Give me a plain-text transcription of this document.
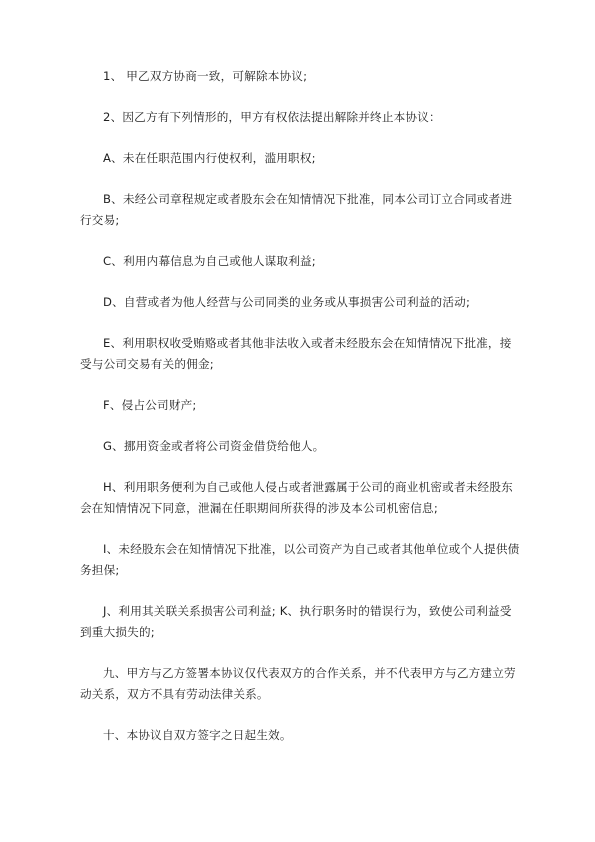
1、 甲乙双方协商一致，可解除本协议;

2、因乙方有下列情形的，甲方有权依法提出解除并终止本协议：

A、未在任职范围内行使权利，滥用职权;

B、未经公司章程规定或者股东会在知情情况下批准，同本公司订立合同或者进行交易;

C、利用内幕信息为自己或他人谋取利益;

D、自营或者为他人经营与公司同类的业务或从事损害公司利益的活动;

E、利用职权收受贿赂或者其他非法收入或者未经股东会在知情情况下批准，接受与公司交易有关的佣金;

F、侵占公司财产;

G、挪用资金或者将公司资金借贷给他人。

H、利用职务便利为自己或他人侵占或者泄露属于公司的商业机密或者未经股东会在知情情况下同意，泄漏在任职期间所获得的涉及本公司机密信息;

I、未经股东会在知情情况下批准，以公司资产为自己或者其他单位或个人提供债务担保;

J、利用其关联关系损害公司利益; K、执行职务时的错误行为，致使公司利益受到重大损失的;

九、甲方与乙方签署本协议仅代表双方的合作关系，并不代表甲方与乙方建立劳动关系，双方不具有劳动法律关系。

十、本协议自双方签字之日起生效。
